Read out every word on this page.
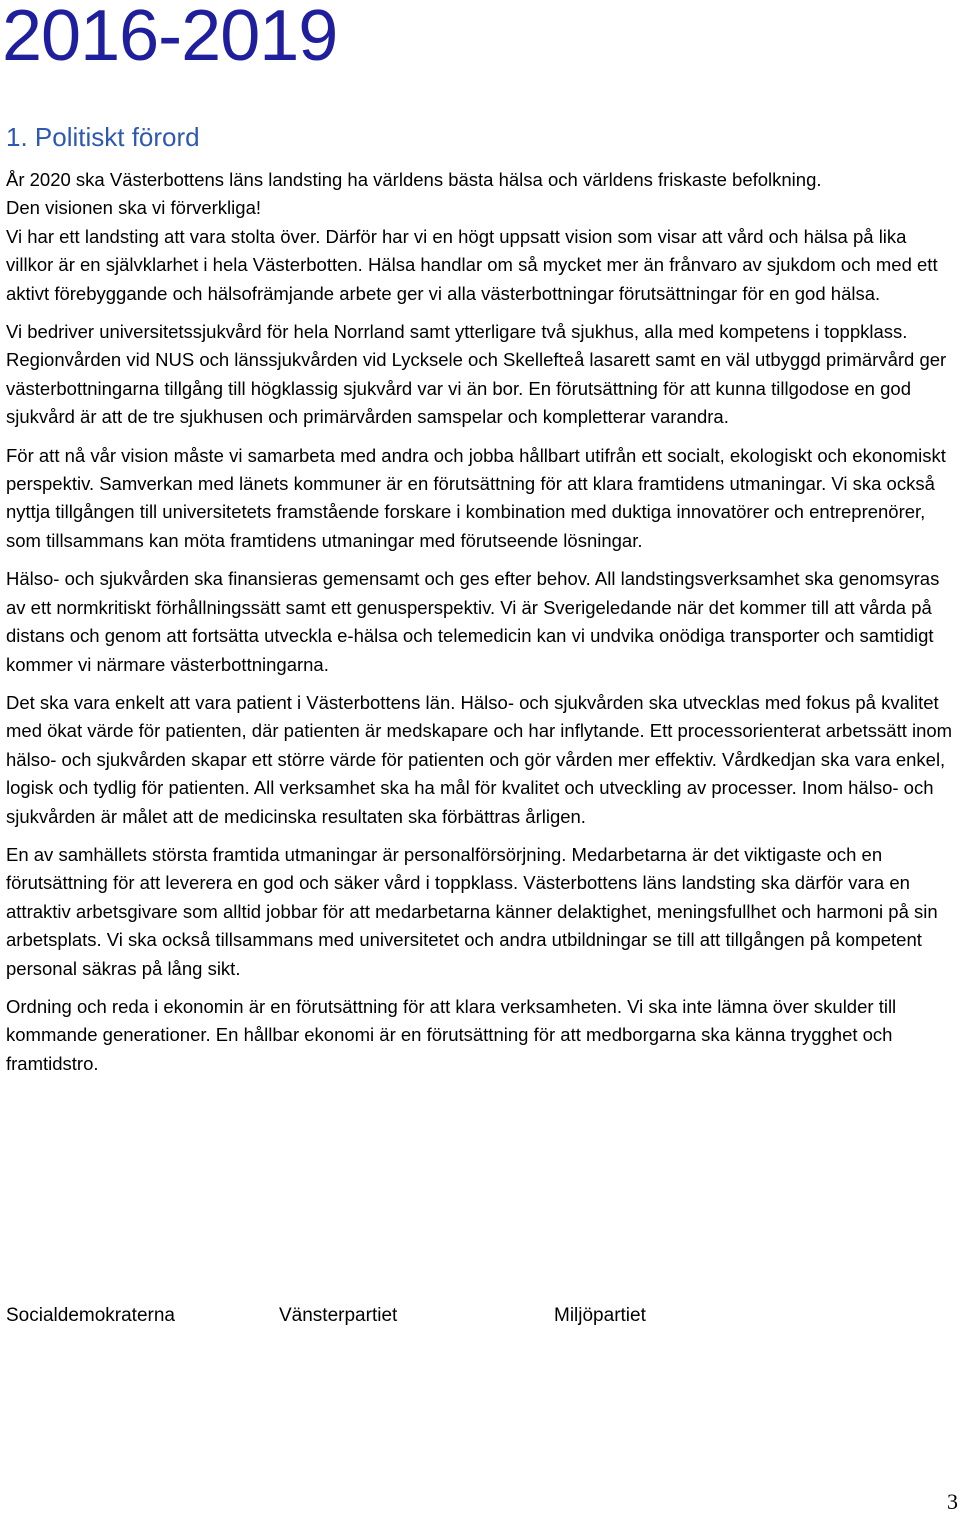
2016-2019
1. Politiskt förord

År 2020 ska Västerbottens läns landsting ha världens bästa hälsa och världens friskaste befolkning.

Den visionen ska vi förverkliga!

Vi har ett landsting att vara stolta över. Därför har vi en högt uppsatt vision som visar att vård och hälsa på lika villkor är en självklarhet i hela Västerbotten. Hälsa handlar om så mycket mer än frånvaro av sjukdom och med ett aktivt förebyggande och hälsofrämjande arbete ger vi alla västerbottningar förutsättningar för en god hälsa.

Vi bedriver universitetssjukvård för hela Norrland samt ytterligare två sjukhus, alla med kompetens i toppklass. Regionvården vid NUS och länssjukvården vid Lycksele och Skellefteå lasarett samt en väl utbyggd primärvård ger västerbottningarna tillgång till högklassig sjukvård var vi än bor. En förutsättning för att kunna tillgodose en god sjukvård är att de tre sjukhusen och primärvården samspelar och kompletterar varandra.

För att nå vår vision måste vi samarbeta med andra och jobba hållbart utifrån ett socialt, ekologiskt och ekonomiskt perspektiv. Samverkan med länets kommuner är en förutsättning för att klara framtidens utmaningar. Vi ska också nyttja tillgången till universitetets framstående forskare i kombination med duktiga innovatörer och entreprenörer, som tillsammans kan möta framtidens utmaningar med förutseende lösningar.

Hälso- och sjukvården ska finansieras gemensamt och ges efter behov. All landstingsverksamhet ska genomsyras av ett normkritiskt förhållningssätt samt ett genusperspektiv. Vi är Sverigeledande när det kommer till att vårda på distans och genom att fortsätta utveckla e-hälsa och telemedicin kan vi undvika onödiga transporter och samtidigt kommer vi närmare västerbottningarna.

Det ska vara enkelt att vara patient i Västerbottens län. Hälso- och sjukvården ska utvecklas med fokus på kvalitet med ökat värde för patienten, där patienten är medskapare och har inflytande. Ett processorienterat arbetssätt inom hälso- och sjukvården skapar ett större värde för patienten och gör vården mer effektiv. Vårdkedjan ska vara enkel, logisk och tydlig för patienten. All verksamhet ska ha mål för kvalitet och utveckling av processer. Inom hälso- och sjukvården är målet att de medicinska resultaten ska förbättras årligen.

En av samhällets största framtida utmaningar är personalförsörjning. Medarbetarna är det viktigaste och en förutsättning för att leverera en god och säker vård i toppklass. Västerbottens läns landsting ska därför vara en attraktiv arbetsgivare som alltid jobbar för att medarbetarna känner delaktighet, meningsfullhet och harmoni på sin arbetsplats. Vi ska också tillsammans med universitetet och andra utbildningar se till att tillgången på kompetent personal säkras på lång sikt.

Ordning och reda i ekonomin är en förutsättning för att klara verksamheten. Vi ska inte lämna över skulder till kommande generationer. En hållbar ekonomi är en förutsättning för att medborgarna ska känna trygghet och framtidstro.

Socialdemokraterna	Vänsterpartiet	Miljöpartiet
3
